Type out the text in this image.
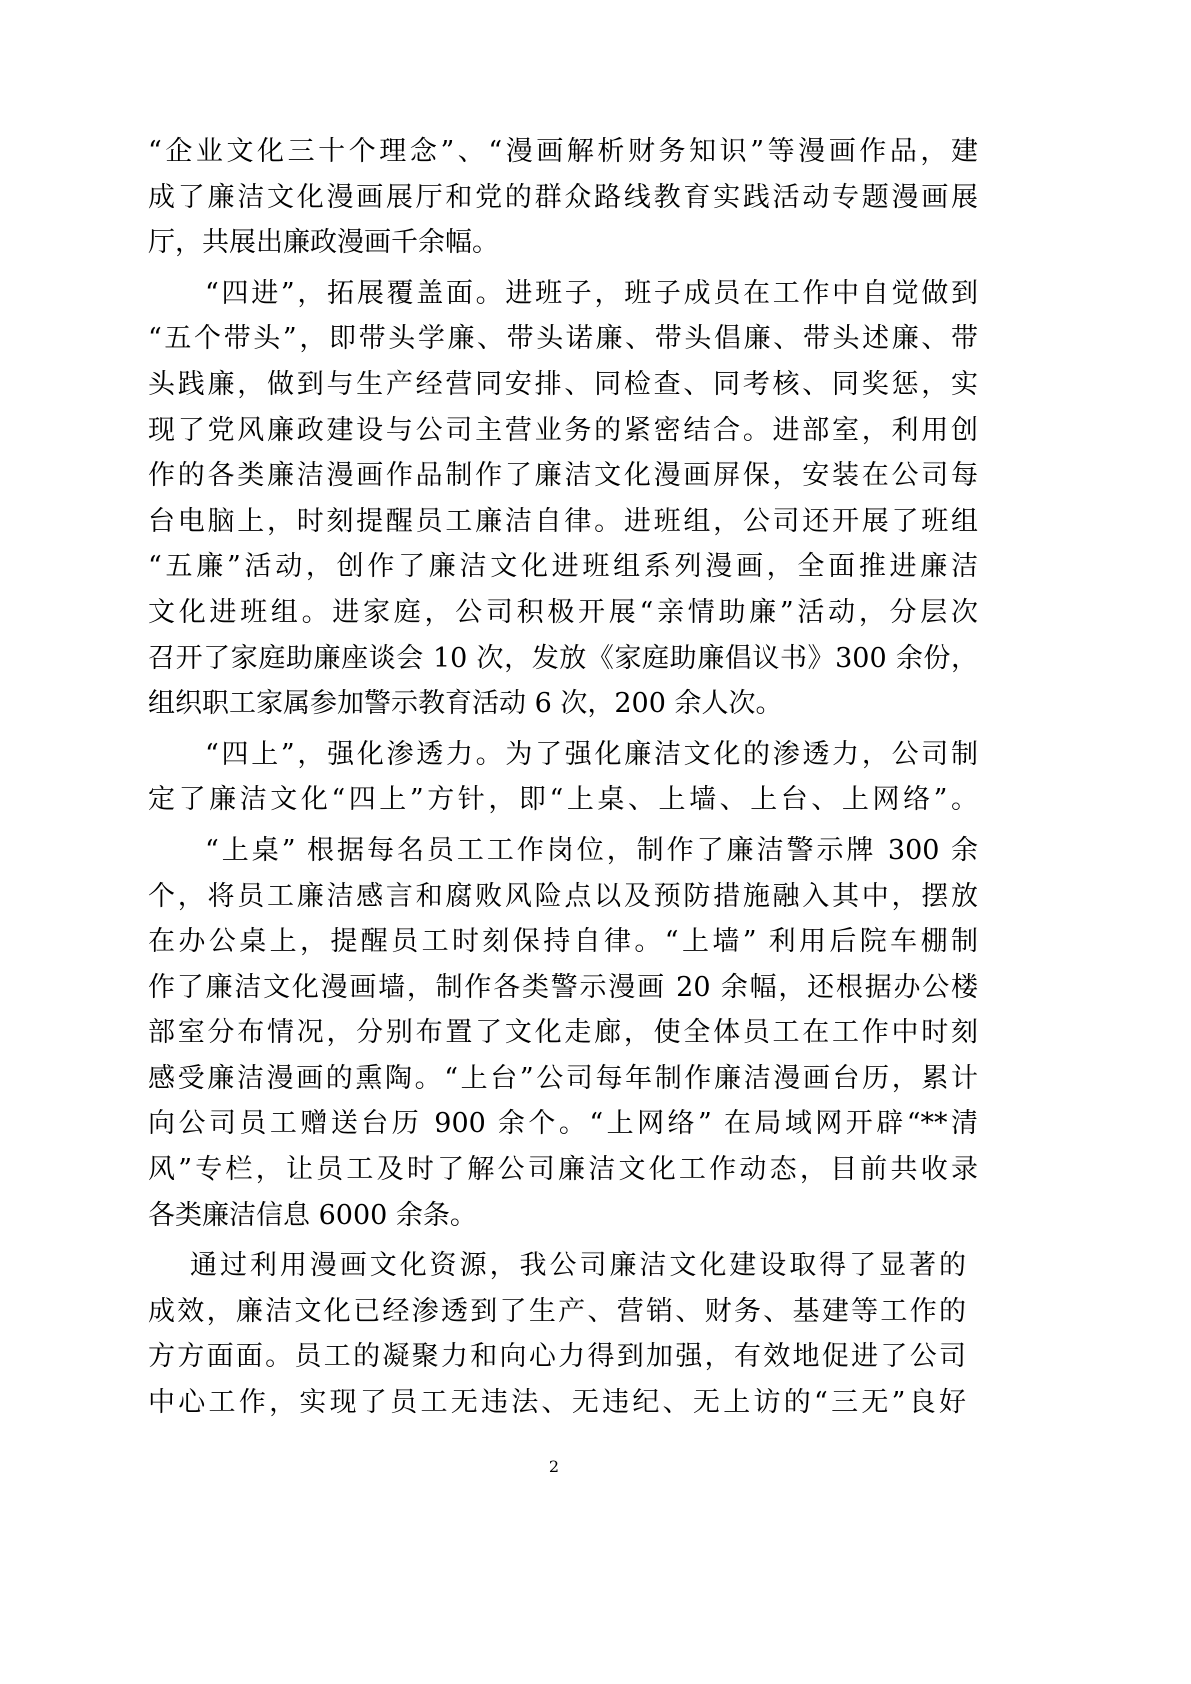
“企业文化三十个理念”、“漫画解析财务知识”等漫画作品，建
成了廉洁文化漫画展厅和党的群众路线教育实践活动专题漫画展
厅，共展出廉政漫画千余幅。
“四进”，拓展覆盖面。进班子，班子成员在工作中自觉做到
“五个带头”，即带头学廉、带头诺廉、带头倡廉、带头述廉、带
头践廉，做到与生产经营同安排、同检查、同考核、同奖惩，实
现了党风廉政建设与公司主营业务的紧密结合。进部室，利用创
作的各类廉洁漫画作品制作了廉洁文化漫画屏保，安装在公司每
台电脑上，时刻提醒员工廉洁自律。进班组，公司还开展了班组
“五廉”活动，创作了廉洁文化进班组系列漫画，全面推进廉洁
文化进班组。进家庭，公司积极开展“亲情助廉”活动，分层次
召开了家庭助廉座谈会 10 次，发放《家庭助廉倡议书》300 余份，
组织职工家属参加警示教育活动 6 次，200 余人次。
“四上”，强化渗透力。为了强化廉洁文化的渗透力，公司制
定了廉洁文化“四上”方针，即“上桌、上墙、上台、上网络”。
“上桌” 根据每名员工工作岗位，制作了廉洁警示牌 300 余
个，将员工廉洁感言和腐败风险点以及预防措施融入其中，摆放
在办公桌上，提醒员工时刻保持自律。“上墙” 利用后院车棚制
作了廉洁文化漫画墙，制作各类警示漫画 20 余幅，还根据办公楼
部室分布情况，分别布置了文化走廊，使全体员工在工作中时刻
感受廉洁漫画的熏陶。“上台”公司每年制作廉洁漫画台历，累计
向公司员工赠送台历 900 余个。“上网络” 在局域网开辟“**清
风”专栏，让员工及时了解公司廉洁文化工作动态，目前共收录
各类廉洁信息 6000 余条。
通过利用漫画文化资源，我公司廉洁文化建设取得了显著的
成效，廉洁文化已经渗透到了生产、营销、财务、基建等工作的
方方面面。员工的凝聚力和向心力得到加强，有效地促进了公司
中心工作，实现了员工无违法、无违纪、无上访的“三无”良好
2
